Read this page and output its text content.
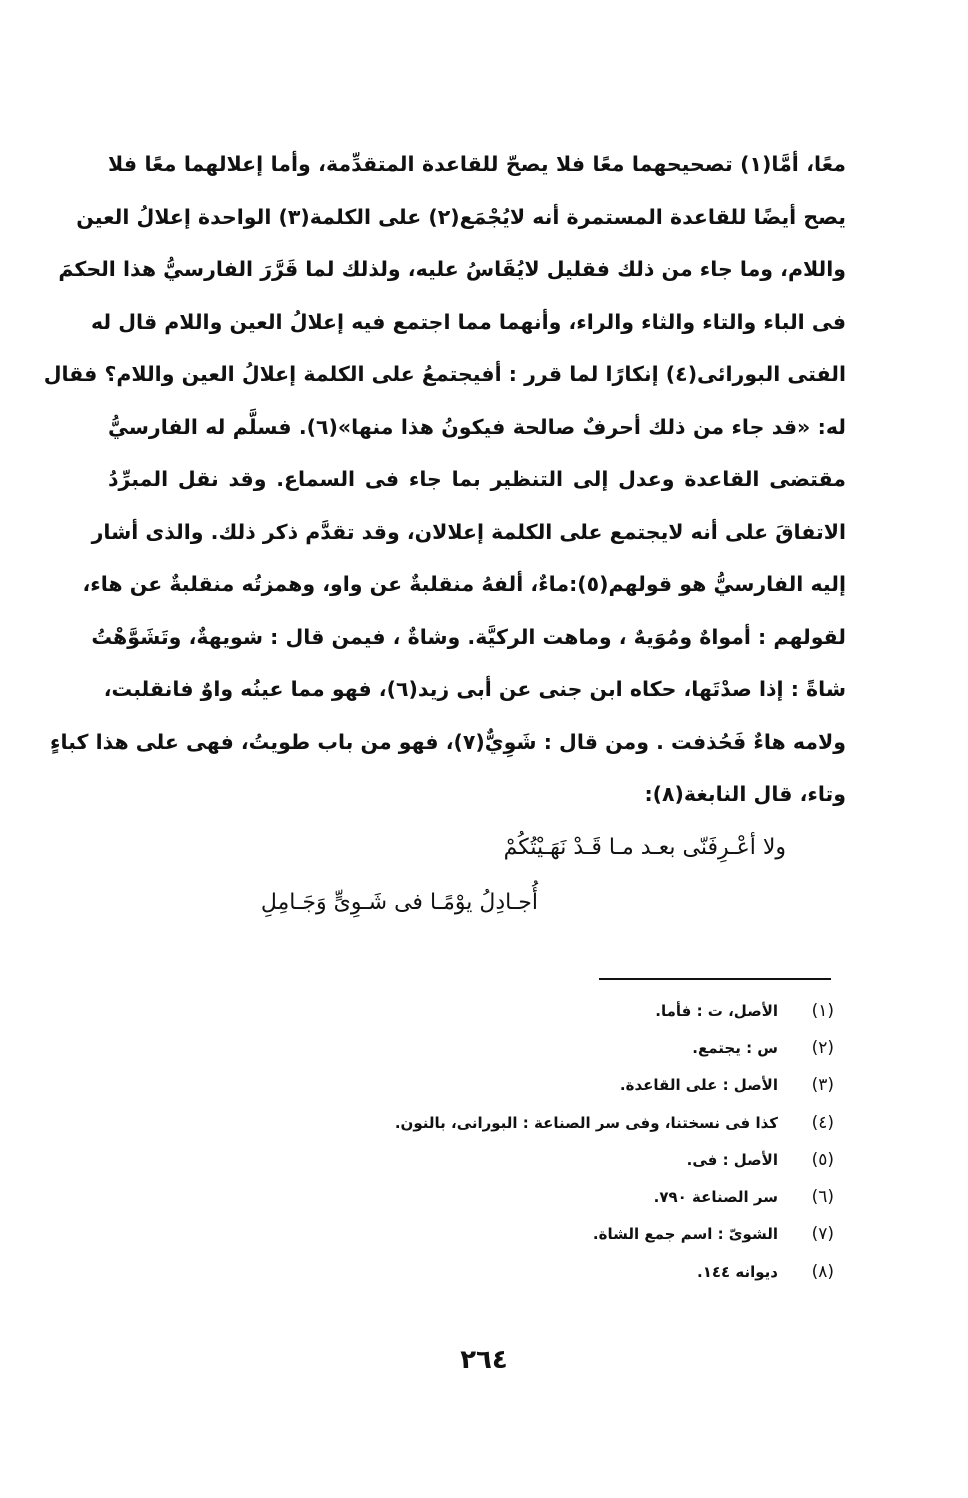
معًا، أمَّا(١) تصحيحهما معًا فلا يصحّ للقاعدة المتقدِّمة، وأما إعلالهما معًا فلا
يصح أيضًا للقاعدة المستمرة أنه لايُجْمَع(٢) على الكلمة(٣) الواحدة إعلالُ العين
واللام، وما جاء من ذلك فقليل لايُقَاسُ عليه، ولذلك لما قَرَّرَ الفارسيُّ هذا الحكمَ
فى الباء والتاء والثاء والراء، وأنهما مما اجتمع فيه إعلالُ العين واللام قال له
الفتى البورائى(٤) إنكارًا لما قرر : أفيجتمعُ على الكلمة إعلالُ العين واللام؟ فقال
له: «قد جاء من ذلك أحرفٌ صالحة فيكونُ هذا منها»(٦). فسلَّم له الفارسيُّ
مقتضى القاعدة وعدل إلى التنظير بما جاء فى السماع. وقد نقل المبرِّدُ
الاتفاقَ على أنه لايجتمع على الكلمة إعلالان، وقد تقدَّم ذكر ذلك. والذى أشار
إليه الفارسيُّ هو قولهم(٥):ماءٌ، ألفهُ منقلبةٌ عن واو، وهمزتُه منقلبةٌ عن هاء،
لقولهم : أمواهٌ ومُوَيهٌ ، وماهت الركيَّة. وشاةٌ ، فيمن قال : شويهةٌ، وتَشَوَّهْتُ
شاةً : إذا صدْتَها، حكاه ابن جنى عن أبى زيد(٦)، فهو مما عينُه واوٌ فانقلبت،
ولامه هاءٌ فَحُذفت . ومن قال : شَوِيٌّ(٧)، فهو من باب طويتُ، فهى على هذا كباءٍ
وتاء، قال النابغة(٨):
ولا أعْـرِفَنّى بعـد مـا قَـدْ نَهَـيْتُكُمْ
أُجـادِلُ يوْمًـا فى شَـوِىٍّ وَجَـامِلِ
(١)
الأصل، ت : فأما.
(٢)
س : يجتمع.
(٣)
الأصل : على القاعدة.
(٤)
كذا فى نسختنا، وفى سر الصناعة : البورانى، بالنون.
(٥)
الأصل : فى.
(٦)
سر الصناعة ٧٩٠.
(٧)
الشوىّ : اسم جمع الشاة.
(٨)
ديوانه ١٤٤.
٢٦٤
